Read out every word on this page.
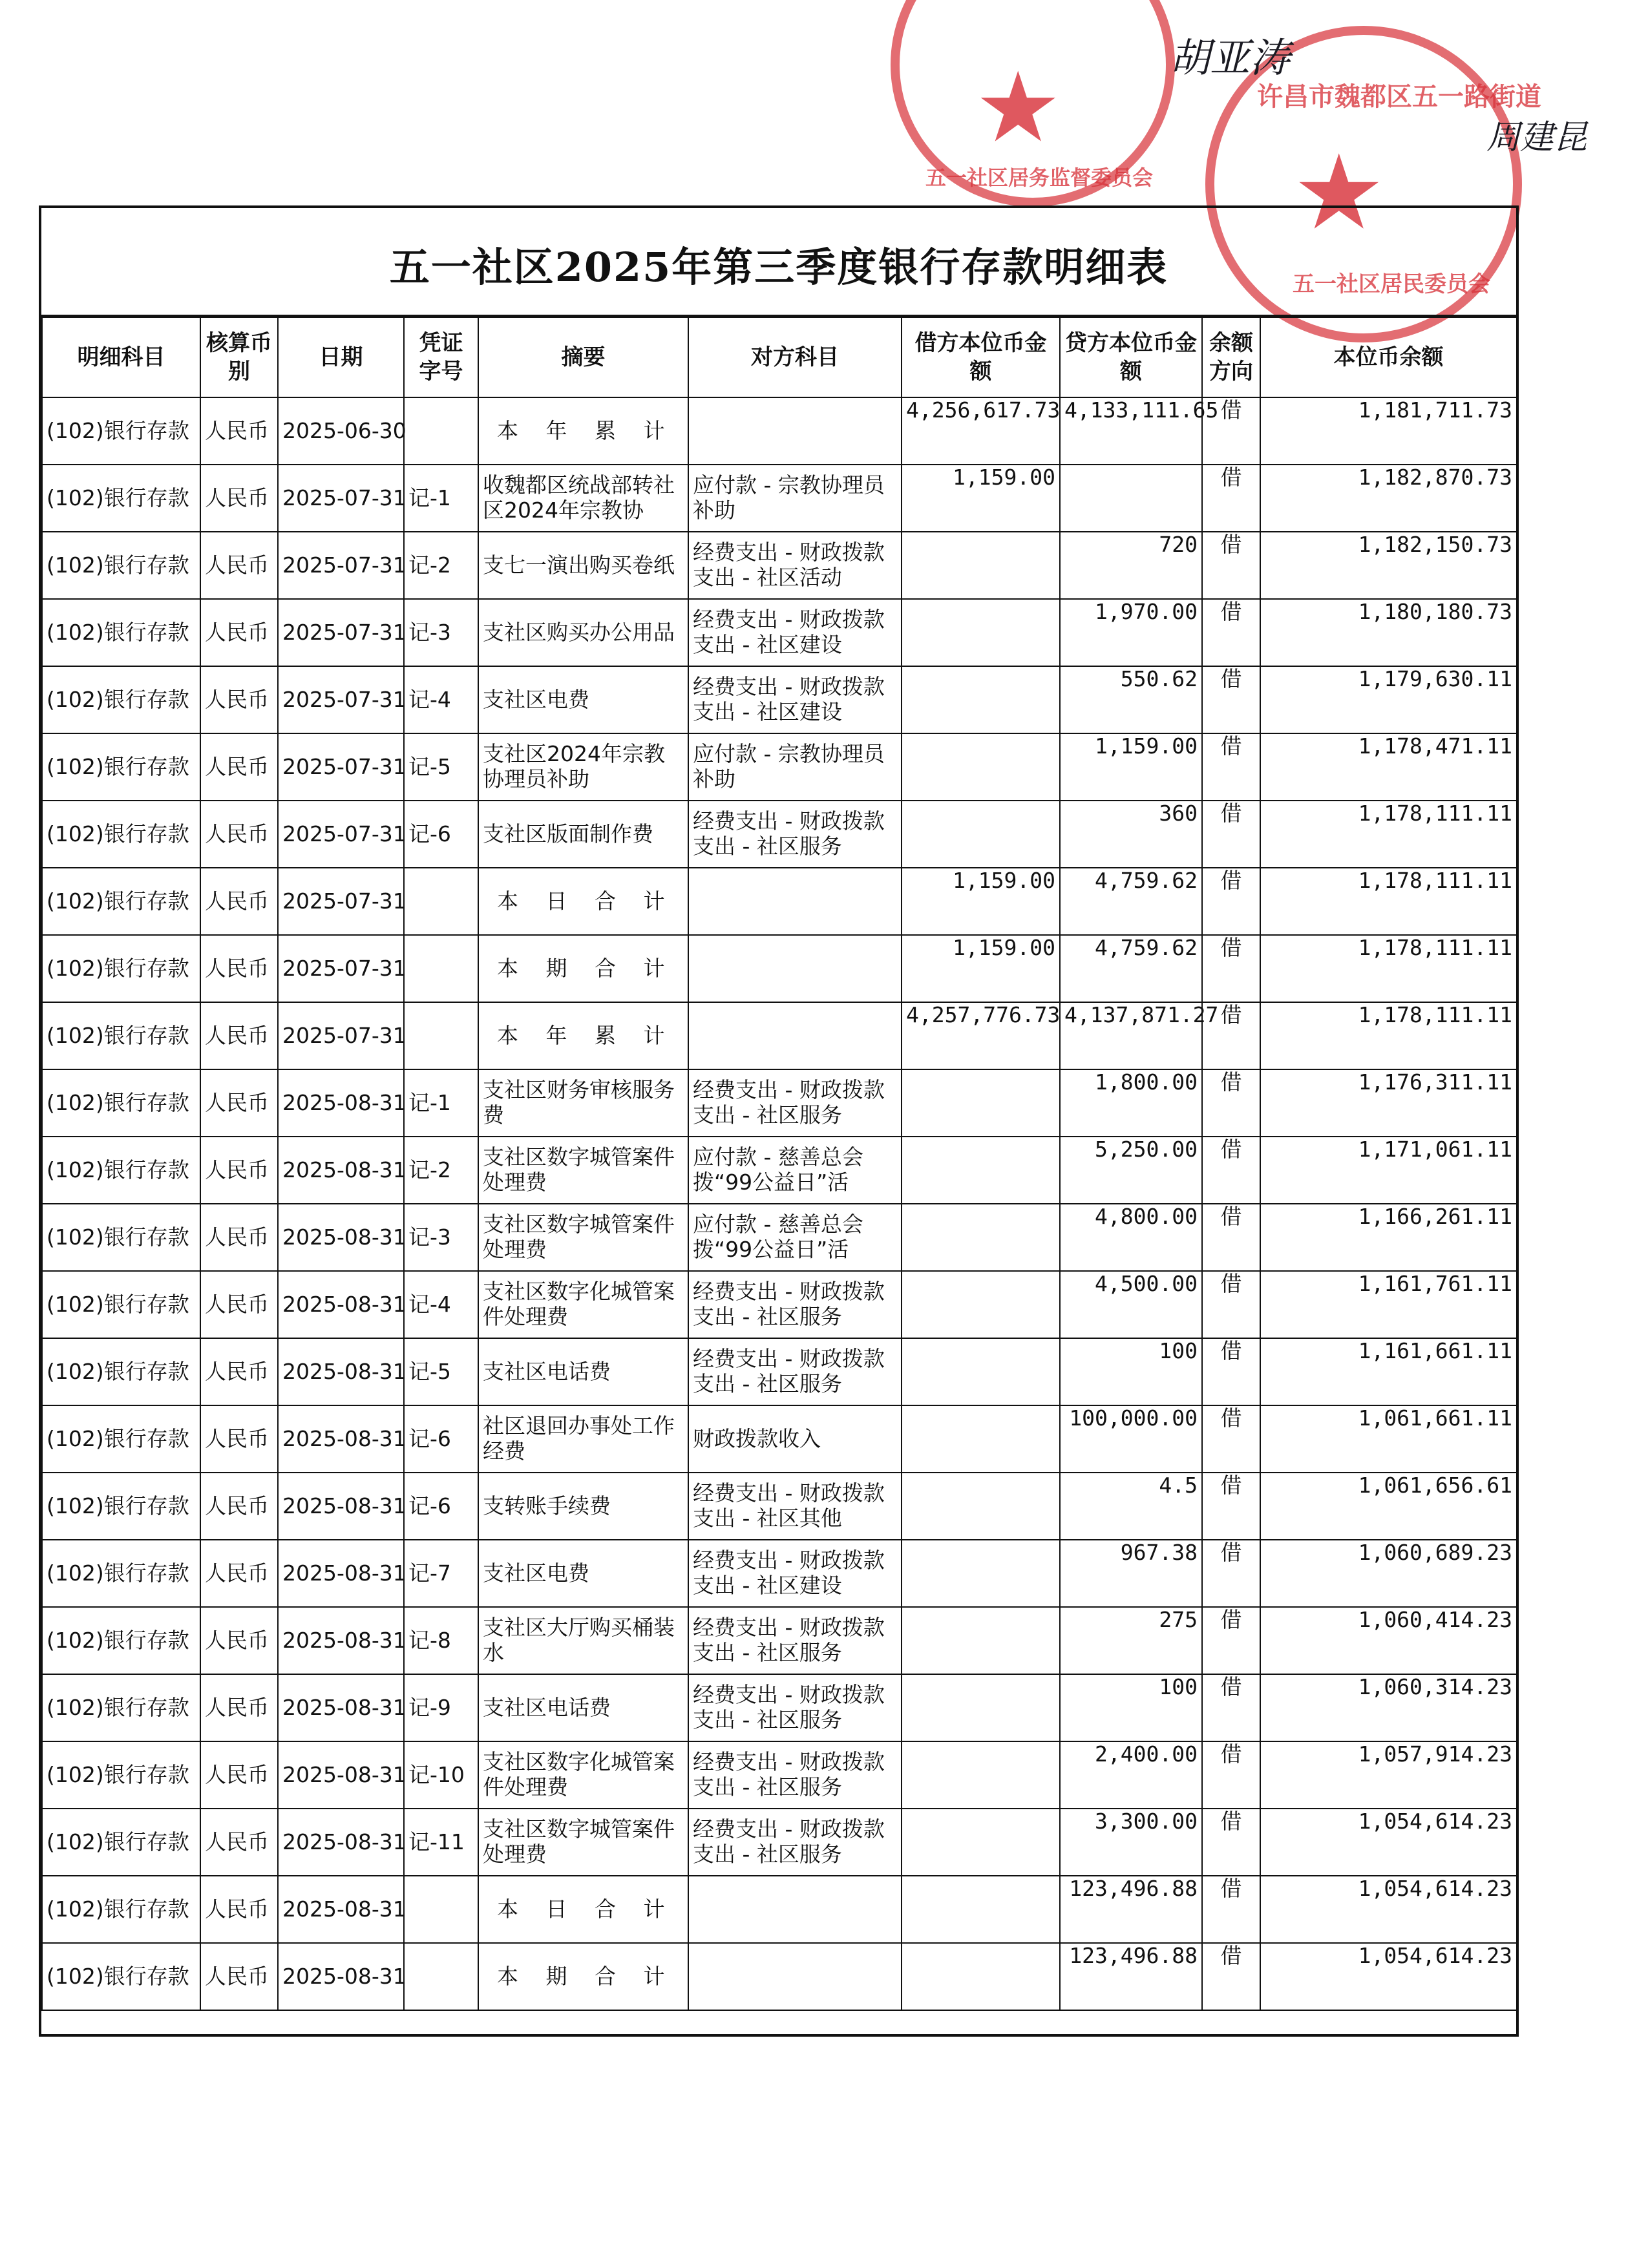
★
五一社区居务监督委员会 ★
许昌市魏都区五一路街道
五一社区居民委员会
胡亚涛
周建昆
五一社区2025年第三季度银行存款明细表
明细科目	核算币别	日期	凭证字号	摘要	对方科目	借方本位币金额	贷方本位币金额	余额方向	本位币余额
(102)银行存款	人民币	2025-06-30		本 年 累 计		4,256,617.73	4,133,111.65	借	1,181,711.73
(102)银行存款	人民币	2025-07-31	记-1	收魏都区统战部转社区2024年宗教协	应付款 - 宗教协理员补助	1,159.00		借	1,182,870.73
(102)银行存款	人民币	2025-07-31	记-2	支七一演出购买卷纸	经费支出 - 财政拨款支出 - 社区活动		720	借	1,182,150.73
(102)银行存款	人民币	2025-07-31	记-3	支社区购买办公用品	经费支出 - 财政拨款支出 - 社区建设		1,970.00	借	1,180,180.73
(102)银行存款	人民币	2025-07-31	记-4	支社区电费	经费支出 - 财政拨款支出 - 社区建设		550.62	借	1,179,630.11
(102)银行存款	人民币	2025-07-31	记-5	支社区2024年宗教协理员补助	应付款 - 宗教协理员补助		1,159.00	借	1,178,471.11
(102)银行存款	人民币	2025-07-31	记-6	支社区版面制作费	经费支出 - 财政拨款支出 - 社区服务		360	借	1,178,111.11
(102)银行存款	人民币	2025-07-31		本 日 合 计		1,159.00	4,759.62	借	1,178,111.11
(102)银行存款	人民币	2025-07-31		本 期 合 计		1,159.00	4,759.62	借	1,178,111.11
(102)银行存款	人民币	2025-07-31		本 年 累 计		4,257,776.73	4,137,871.27	借	1,178,111.11
(102)银行存款	人民币	2025-08-31	记-1	支社区财务审核服务费	经费支出 - 财政拨款支出 - 社区服务		1,800.00	借	1,176,311.11
(102)银行存款	人民币	2025-08-31	记-2	支社区数字城管案件处理费	应付款 - 慈善总会拨“99公益日”活		5,250.00	借	1,171,061.11
(102)银行存款	人民币	2025-08-31	记-3	支社区数字城管案件处理费	应付款 - 慈善总会拨“99公益日”活		4,800.00	借	1,166,261.11
(102)银行存款	人民币	2025-08-31	记-4	支社区数字化城管案件处理费	经费支出 - 财政拨款支出 - 社区服务		4,500.00	借	1,161,761.11
(102)银行存款	人民币	2025-08-31	记-5	支社区电话费	经费支出 - 财政拨款支出 - 社区服务		100	借	1,161,661.11
(102)银行存款	人民币	2025-08-31	记-6	社区退回办事处工作经费	财政拨款收入		100,000.00	借	1,061,661.11
(102)银行存款	人民币	2025-08-31	记-6	支转账手续费	经费支出 - 财政拨款支出 - 社区其他		4.5	借	1,061,656.61
(102)银行存款	人民币	2025-08-31	记-7	支社区电费	经费支出 - 财政拨款支出 - 社区建设		967.38	借	1,060,689.23
(102)银行存款	人民币	2025-08-31	记-8	支社区大厅购买桶装水	经费支出 - 财政拨款支出 - 社区服务		275	借	1,060,414.23
(102)银行存款	人民币	2025-08-31	记-9	支社区电话费	经费支出 - 财政拨款支出 - 社区服务		100	借	1,060,314.23
(102)银行存款	人民币	2025-08-31	记-10	支社区数字化城管案件处理费	经费支出 - 财政拨款支出 - 社区服务		2,400.00	借	1,057,914.23
(102)银行存款	人民币	2025-08-31	记-11	支社区数字城管案件处理费	经费支出 - 财政拨款支出 - 社区服务		3,300.00	借	1,054,614.23
(102)银行存款	人民币	2025-08-31		本 日 合 计			123,496.88	借	1,054,614.23
(102)银行存款	人民币	2025-08-31		本 期 合 计			123,496.88	借	1,054,614.23
